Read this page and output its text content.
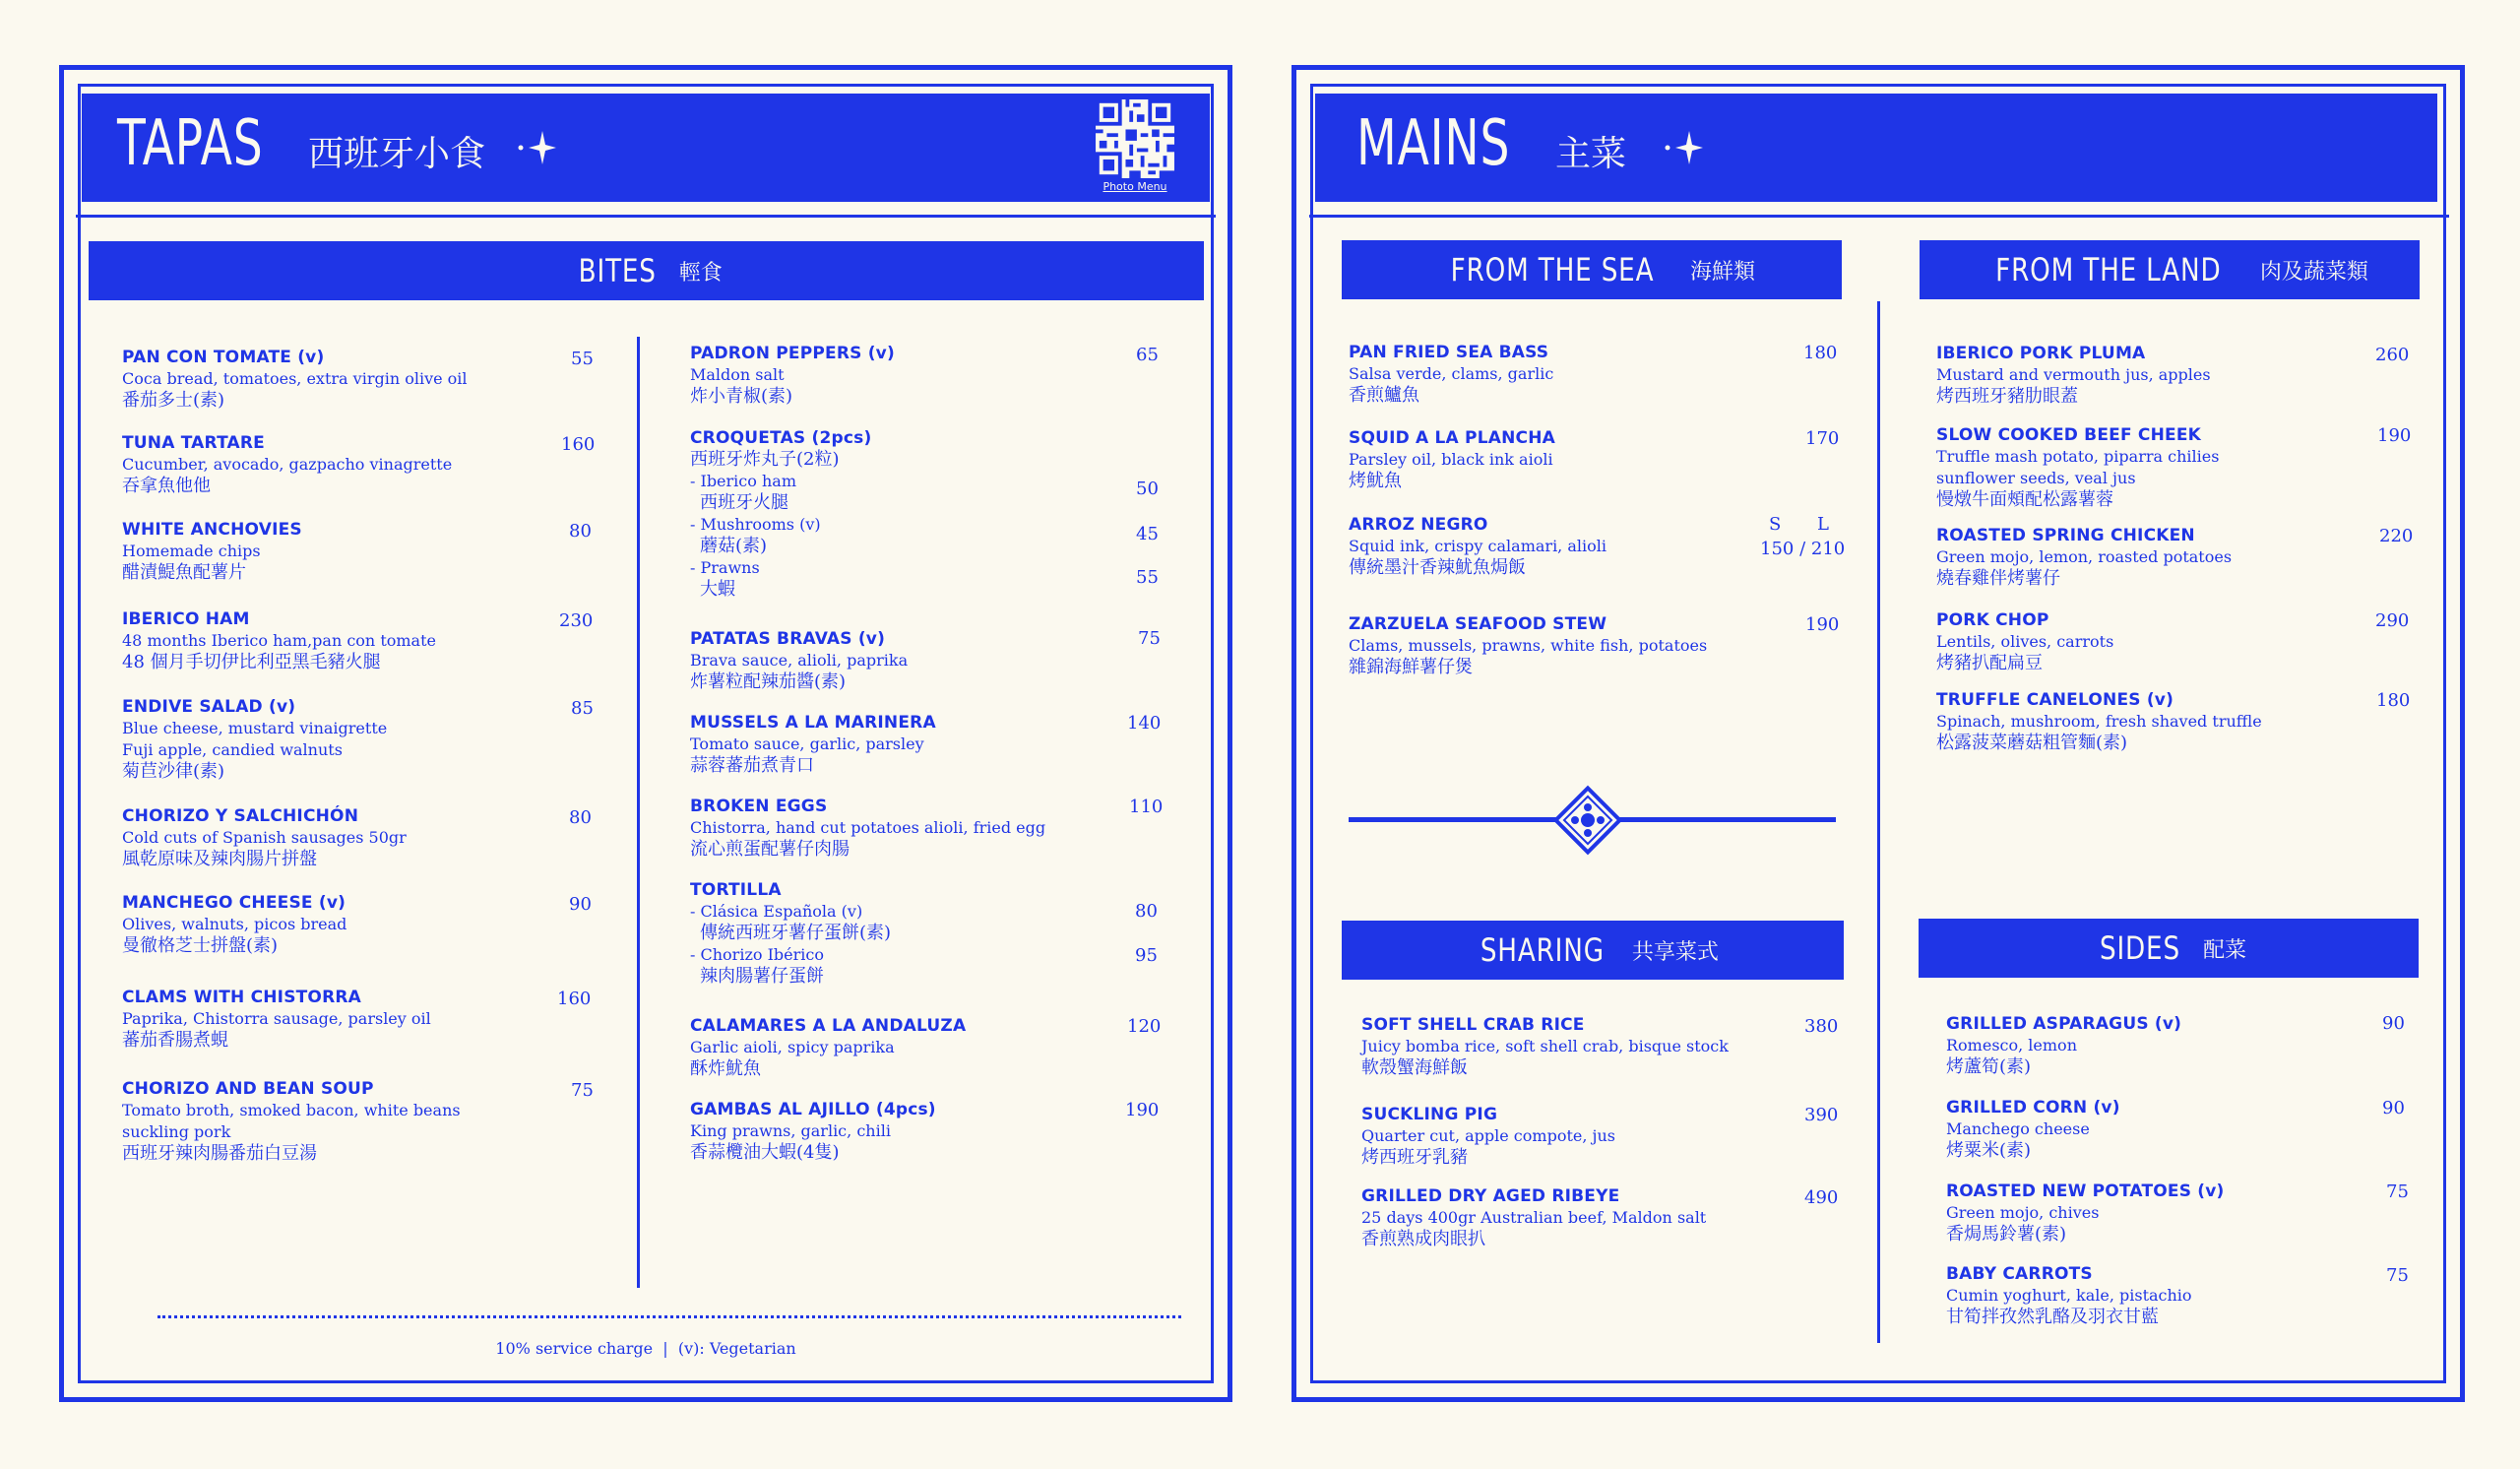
TAPAS 西班牙小食
Photo Menu
BITES 輕食
PAN CON TOMATE (v)
Coca bread, tomatoes, extra virgin olive oil
番茄多士(素)
55
TUNA TARTARE
Cucumber, avocado, gazpacho vinagrette
吞拿魚他他
160
WHITE ANCHOVIES
Homemade chips
醋漬鯷魚配薯片
80
IBERICO HAM
48 months Iberico ham,pan con tomate
48 個月手切伊比利亞黑毛豬火腿
230
ENDIVE SALAD (v)
Blue cheese, mustard vinaigrette
Fuji apple, candied walnuts
菊苣沙律(素)
85
CHORIZO Y SALCHICHÓN
Cold cuts of Spanish sausages 50gr
風乾原味及辣肉腸片拼盤
80
MANCHEGO CHEESE (v)
Olives, walnuts, picos bread
曼徹格芝士拼盤(素)
90
CLAMS WITH CHISTORRA
Paprika, Chistorra sausage, parsley oil
蕃茄香腸煮蜆
160
CHORIZO AND BEAN SOUP
Tomato broth, smoked bacon, white beans
suckling pork
西班牙辣肉腸番茄白豆湯
75
PADRON PEPPERS (v)
Maldon salt
炸小青椒(素)
65
CROQUETAS (2pcs)
西班牙炸丸子(2粒)
- Iberico ham
西班牙火腿
- Mushrooms (v)
蘑菇(素)
- Prawns
大蝦
50
45
55
PATATAS BRAVAS (v)
Brava sauce, alioli, paprika
炸薯粒配辣茄醬(素)
75
MUSSELS A LA MARINERA
Tomato sauce, garlic, parsley
蒜蓉蕃茄煮青口
140
BROKEN EGGS
Chistorra, hand cut potatoes alioli, fried egg
流心煎蛋配薯仔肉腸
110
TORTILLA
- Clásica Española (v)
傳統西班牙薯仔蛋餅(素)
- Chorizo Ibérico
辣肉腸薯仔蛋餅
80
95
CALAMARES A LA ANDALUZA
Garlic aioli, spicy paprika
酥炸魷魚
120
GAMBAS AL AJILLO (4pcs)
King prawns, garlic, chili
香蒜欖油大蝦(4隻)
190
10% service charge  |  (v): Vegetarian
MAINS 主菜
FROM THE SEA 海鮮類	FROM THE LAND 肉及蔬菜類
PAN FRIED SEA BASS
Salsa verde, clams, garlic
香煎鱸魚
180
SQUID A LA PLANCHA
Parsley oil, black ink aioli
烤魷魚
170
ARROZ NEGRO
Squid ink, crispy calamari, alioli
傳統墨汁香辣魷魚焗飯
S L
150 / 210
ZARZUELA SEAFOOD STEW
Clams, mussels, prawns, white fish, potatoes
雜錦海鮮薯仔煲
190
IBERICO PORK PLUMA
Mustard and vermouth jus, apples
烤西班牙豬肋眼蓋
260
SLOW COOKED BEEF CHEEK
Truffle mash potato, piparra chilies
sunflower seeds, veal jus
慢燉牛面頰配松露薯蓉
190
ROASTED SPRING CHICKEN
Green mojo, lemon, roasted potatoes
燒春雞伴烤薯仔
220
PORK CHOP
Lentils, olives, carrots
烤豬扒配扁豆
290
TRUFFLE CANELONES (v)
Spinach, mushroom, fresh shaved truffle
松露菠菜蘑菇粗管麵(素)
180
SHARING 共享菜式	SIDES 配菜
SOFT SHELL CRAB RICE
Juicy bomba rice, soft shell crab, bisque stock
軟殼蟹海鮮飯
380
SUCKLING PIG
Quarter cut, apple compote, jus
烤西班牙乳豬
390
GRILLED DRY AGED RIBEYE
25 days 400gr Australian beef, Maldon salt
香煎熟成肉眼扒
490
GRILLED ASPARAGUS (v)
Romesco, lemon
烤蘆筍(素)
90
GRILLED CORN (v)
Manchego cheese
烤粟米(素)
90
ROASTED NEW POTATOES (v)
Green mojo, chives
香焗馬鈴薯(素)
75
BABY CARROTS
Cumin yoghurt, kale, pistachio
甘筍拌孜然乳酪及羽衣甘藍
75
